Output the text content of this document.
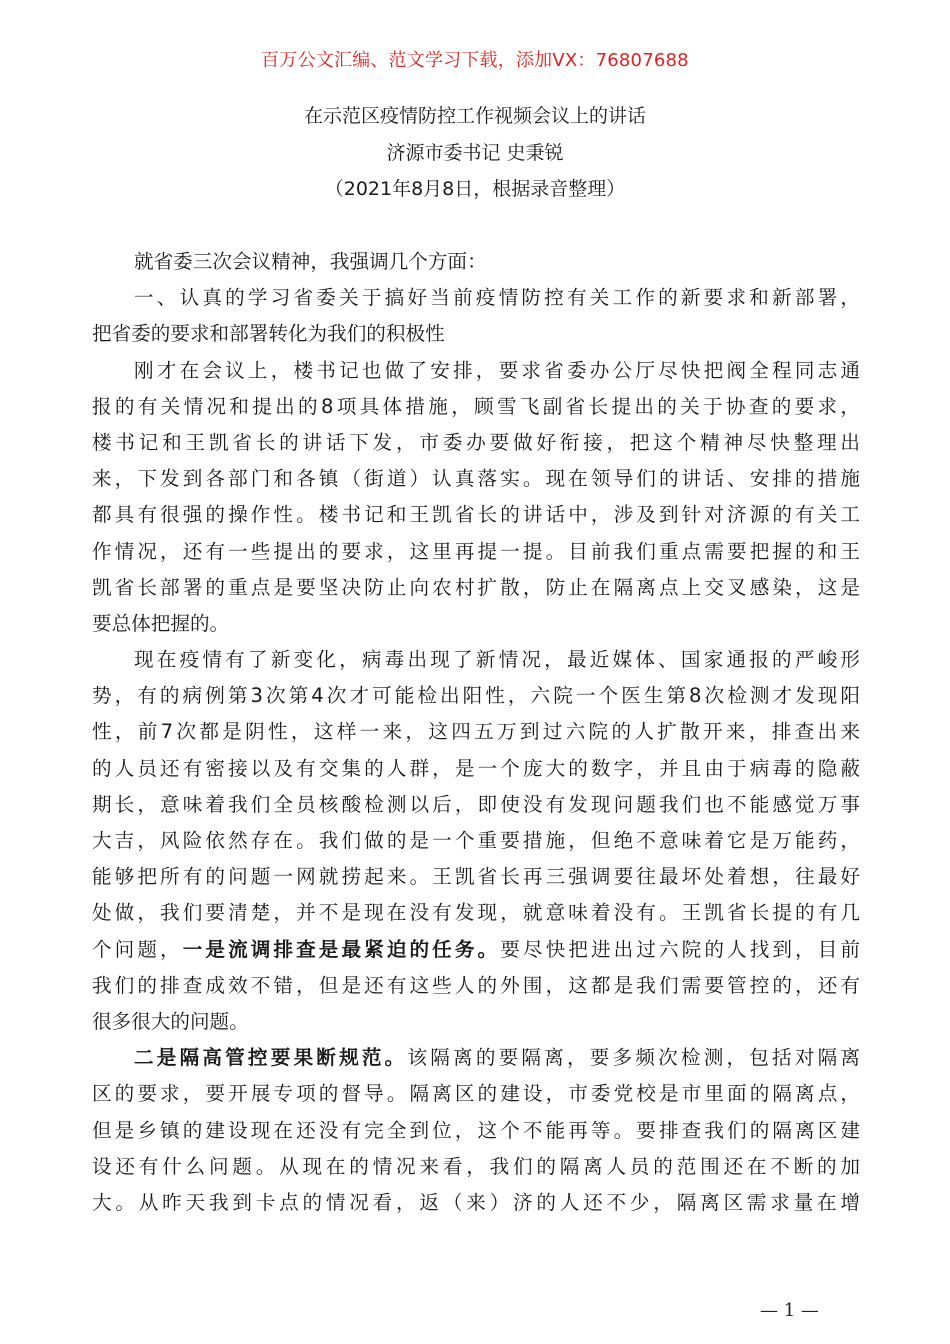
百万公文汇编、范文学习下载，添加VX：76807688
在示范区疫情防控工作视频会议上的讲话
济源市委书记 史秉锐
（2021年8月8日，根据录音整理）
就省委三次会议精神，我强调几个方面：
一、认真的学习省委关于搞好当前疫情防控有关工作的新要求和新部署，
把省委的要求和部署转化为我们的积极性
刚才在会议上，楼书记也做了安排，要求省委办公厅尽快把阀全程同志通
报的有关情况和提出的8项具体措施，顾雪飞副省长提出的关于协查的要求，
楼书记和王凯省长的讲话下发，市委办要做好衔接，把这个精神尽快整理出
来，下发到各部门和各镇（街道）认真落实。现在领导们的讲话、安排的措施
都具有很强的操作性。楼书记和王凯省长的讲话中，涉及到针对济源的有关工
作情况，还有一些提出的要求，这里再提一提。目前我们重点需要把握的和王
凯省长部署的重点是要坚决防止向农村扩散，防止在隔离点上交叉感染，这是
要总体把握的。
现在疫情有了新变化，病毒出现了新情况，最近媒体、国家通报的严峻形
势，有的病例第3次第4次才可能检出阳性，六院一个医生第8次检测才发现阳
性，前7次都是阴性，这样一来，这四五万到过六院的人扩散开来，排查出来
的人员还有密接以及有交集的人群，是一个庞大的数字，并且由于病毒的隐蔽
期长，意味着我们全员核酸检测以后，即使没有发现问题我们也不能感觉万事
大吉，风险依然存在。我们做的是一个重要措施，但绝不意味着它是万能药，
能够把所有的问题一网就捞起来。王凯省长再三强调要往最坏处着想，往最好
处做，我们要清楚，并不是现在没有发现，就意味着没有。王凯省长提的有几
个问题，一是流调排查是最紧迫的任务。要尽快把进出过六院的人找到，目前
我们的排查成效不错，但是还有这些人的外围，这都是我们需要管控的，还有
很多很大的问题。
二是隔高管控要果断规范。该隔离的要隔离，要多频次检测，包括对隔离
区的要求，要开展专项的督导。隔离区的建设，市委党校是市里面的隔离点，
但是乡镇的建设现在还没有完全到位，这个不能再等。要排查我们的隔离区建
设还有什么问题。从现在的情况来看，我们的隔离人员的范围还在不断的加
大。从昨天我到卡点的情况看，返（来）济的人还不少，隔离区需求量在增
— 1 —
